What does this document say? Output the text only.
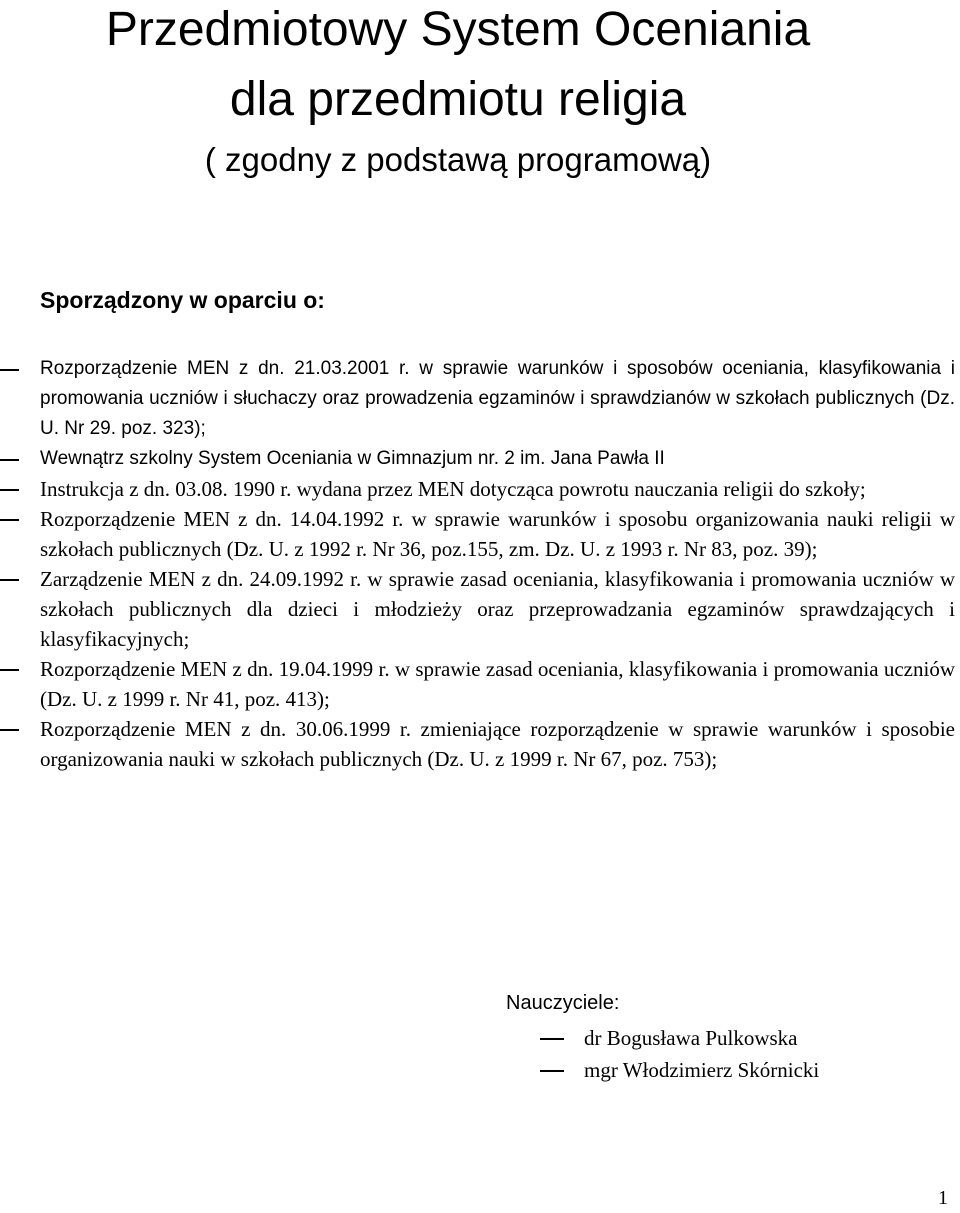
Przedmiotowy System Oceniania
dla przedmiotu religia
( zgodny z podstawą programową)
Sporządzony w oparciu o:
Rozporządzenie MEN z dn. 21.03.2001 r. w sprawie warunków i sposobów oceniania, klasyfikowania i promowania uczniów i słuchaczy oraz prowadzenia egzaminów i sprawdzianów w szkołach publicznych (Dz. U. Nr 29. poz. 323);
Wewnątrz szkolny System Oceniania w Gimnazjum nr. 2 im. Jana Pawła II
Instrukcja z dn. 03.08. 1990 r. wydana przez MEN dotycząca powrotu nauczania religii do szkoły;
Rozporządzenie MEN z dn. 14.04.1992 r. w sprawie warunków i sposobu organizowania nauki religii w szkołach publicznych (Dz. U. z 1992 r. Nr 36, poz.155, zm. Dz. U. z 1993 r. Nr 83, poz. 39);
Zarządzenie MEN z dn. 24.09.1992 r. w sprawie zasad oceniania, klasyfikowania i promowania uczniów w szkołach publicznych dla dzieci i młodzieży oraz przeprowadzania egzaminów sprawdzających i klasyfikacyjnych;
Rozporządzenie MEN z dn. 19.04.1999 r. w sprawie zasad oceniania, klasyfikowania i promowania uczniów (Dz. U. z 1999 r. Nr 41, poz. 413);
Rozporządzenie MEN z dn. 30.06.1999 r. zmieniające rozporządzenie w sprawie warunków i sposobie organizowania nauki w szkołach publicznych (Dz. U. z 1999 r. Nr 67, poz. 753);
Nauczyciele:
dr Bogusława Pulkowska
mgr Włodzimierz Skórnicki
1
